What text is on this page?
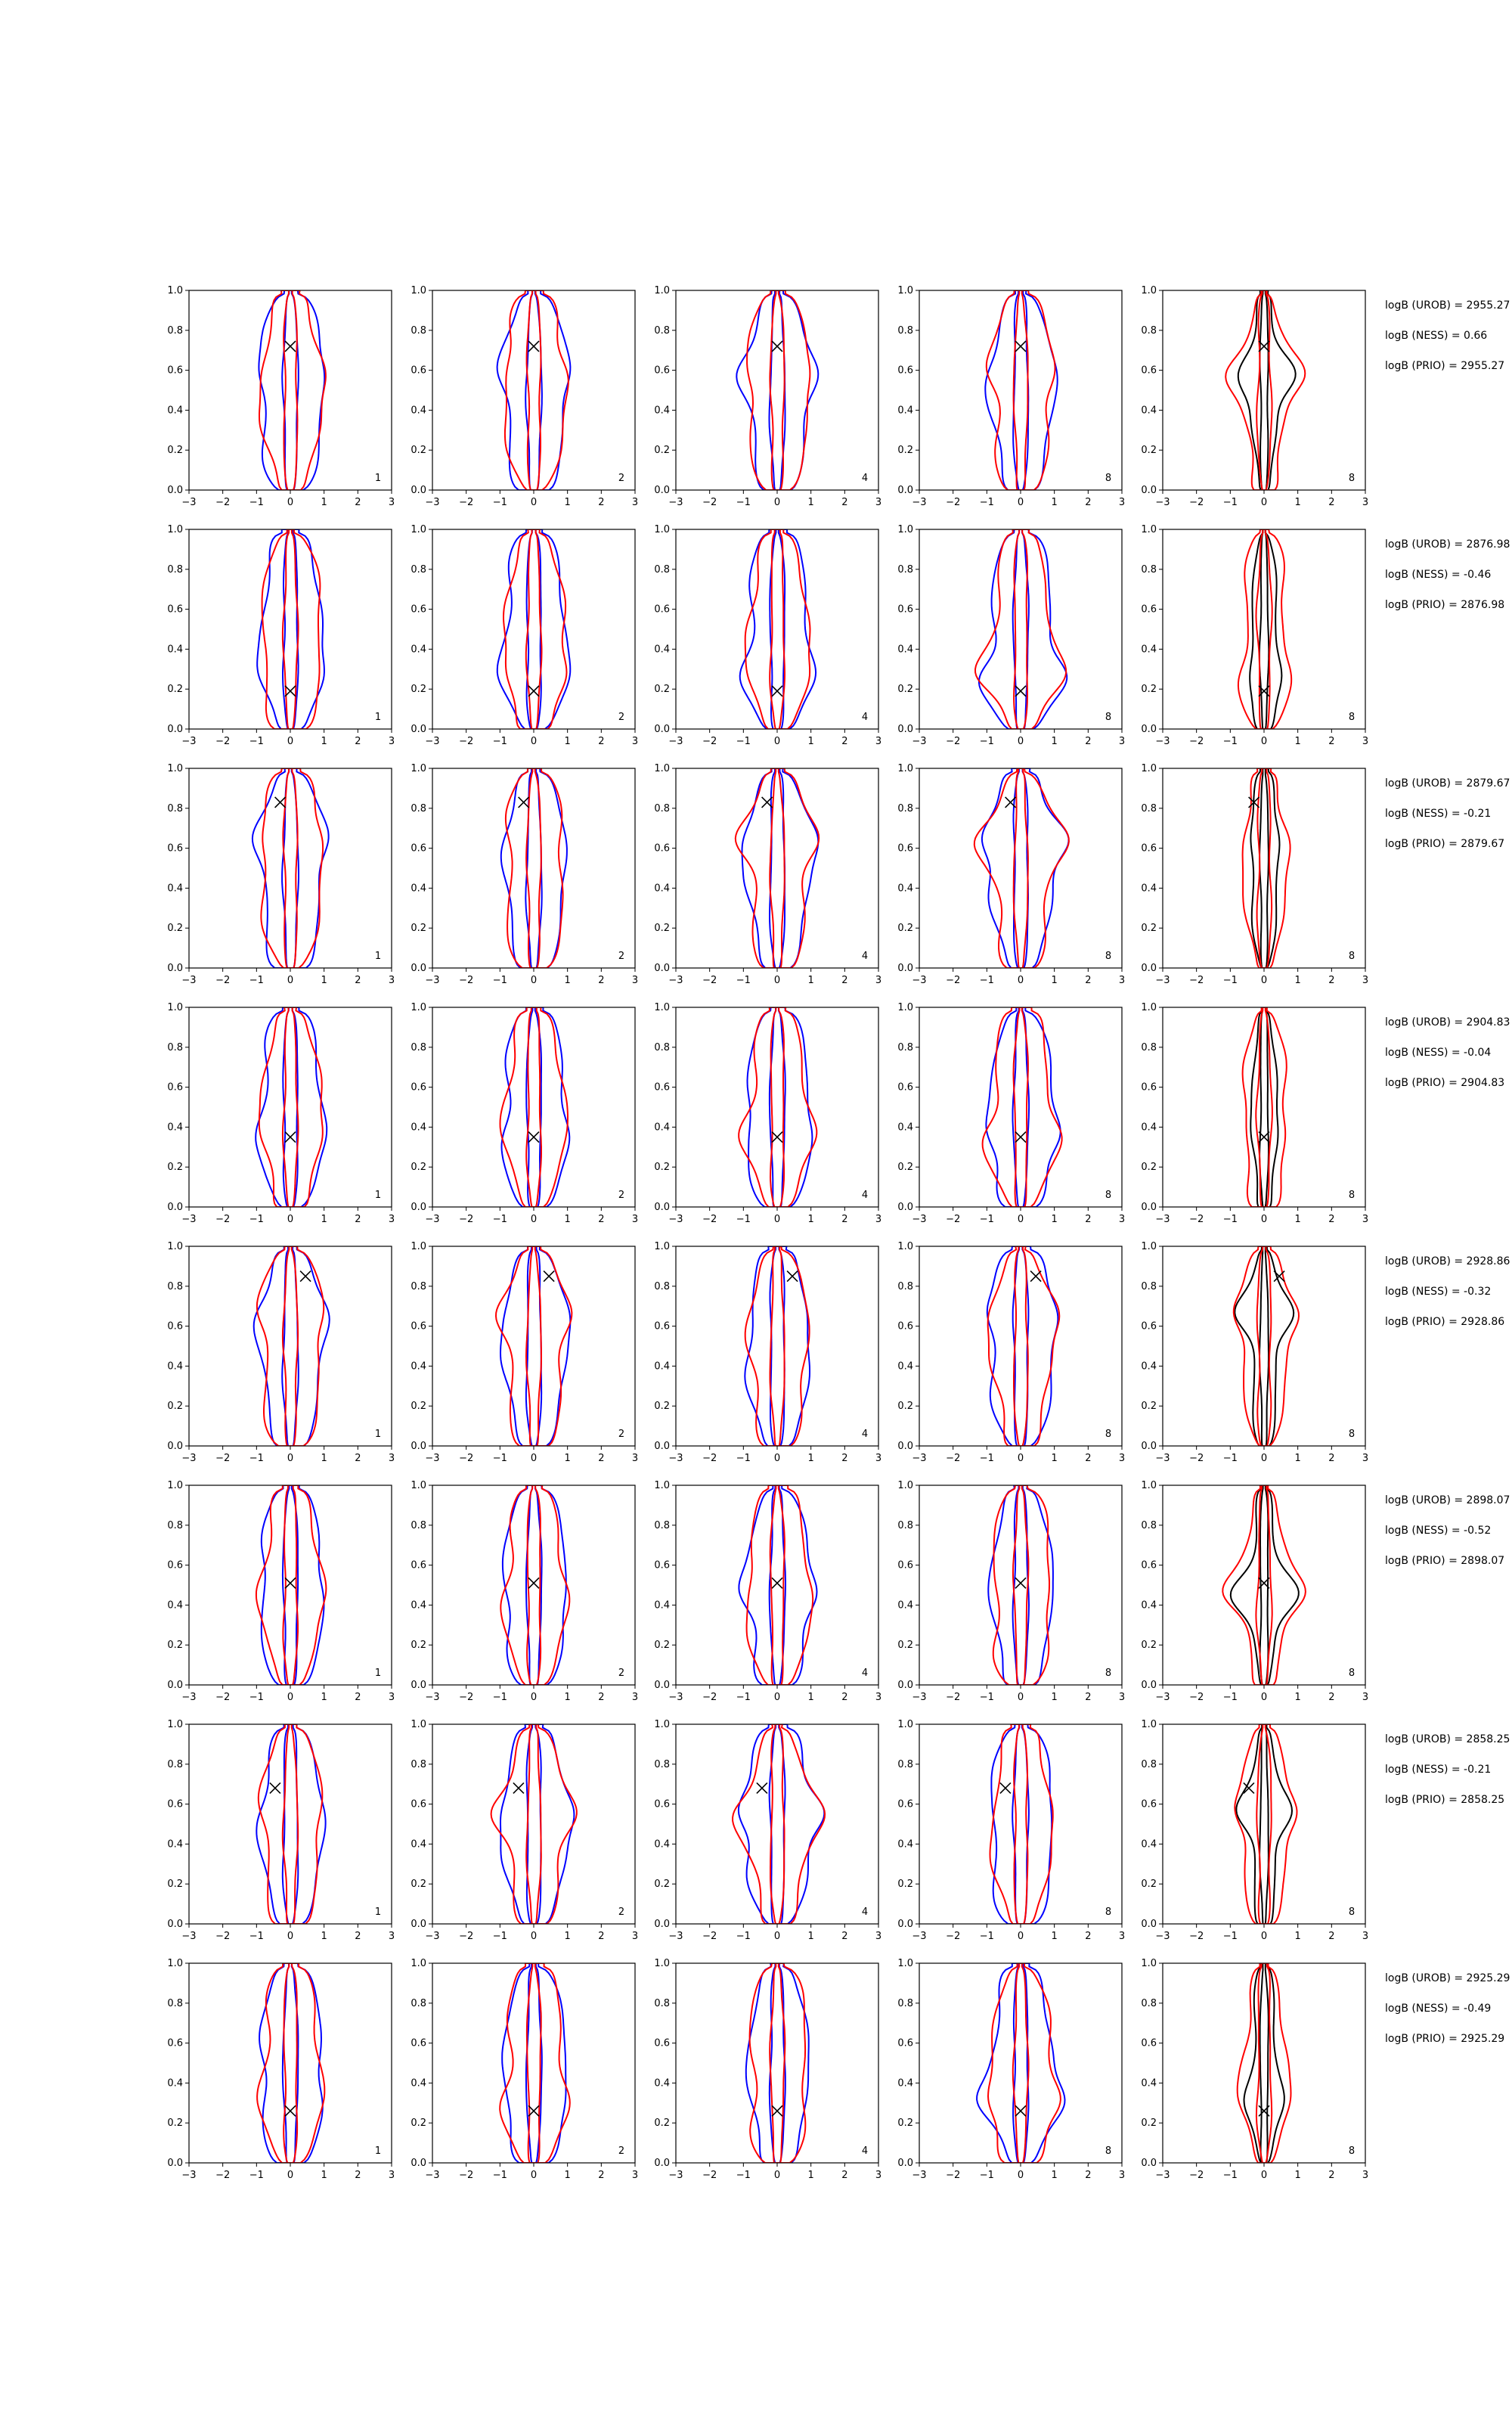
−3 −2 −1 0	1	2	3
0.0
0.2
0.4
0.6
0.8
1.0
1
−3 −2 −1 0	1	2	3
0.0
0.2
0.4
0.6
0.8
1.0
2
−3 −2 −1 0	1	2	3
0.0
0.2
0.4
0.6
0.8
1.0
4
−3 −2 −1 0	1	2	3
0.0
0.2
0.4
0.6
0.8
1.0
8
−3 −2 −1 0	1	2	3
0.0
0.2
0.4
0.6
0.8
1.0
8
logB (UROB) = 2955.27
logB (NESS) = 0.66
logB (PRIO) = 2955.27
−3 −2 −1 0	1	2	3
0.0
0.2
0.4
0.6
0.8
1.0
1
−3 −2 −1 0	1	2	3
0.0
0.2
0.4
0.6
0.8
1.0
2
−3 −2 −1 0	1	2	3
0.0
0.2
0.4
0.6
0.8
1.0
4
−3 −2 −1 0	1	2	3
0.0
0.2
0.4
0.6
0.8
1.0
8
−3 −2 −1 0	1	2	3
0.0
0.2
0.4
0.6
0.8
1.0
8
logB (UROB) = 2876.98
logB (NESS) = -0.46
logB (PRIO) = 2876.98
−3 −2 −1 0	1	2	3
0.0
0.2
0.4
0.6
0.8
1.0
1
−3 −2 −1 0	1	2	3
0.0
0.2
0.4
0.6
0.8
1.0
2
−3 −2 −1 0	1	2	3
0.0
0.2
0.4
0.6
0.8
1.0
4
−3 −2 −1 0	1	2	3
0.0
0.2
0.4
0.6
0.8
1.0
8
−3 −2 −1 0	1	2	3
0.0
0.2
0.4
0.6
0.8
1.0
8
logB (UROB) = 2879.67
logB (NESS) = -0.21
logB (PRIO) = 2879.67
−3 −2 −1 0	1	2	3
0.0
0.2
0.4
0.6
0.8
1.0
1
−3 −2 −1 0	1	2	3
0.0
0.2
0.4
0.6
0.8
1.0
2
−3 −2 −1 0	1	2	3
0.0
0.2
0.4
0.6
0.8
1.0
4
−3 −2 −1 0	1	2	3
0.0
0.2
0.4
0.6
0.8
1.0
8
−3 −2 −1 0	1	2	3
0.0
0.2
0.4
0.6
0.8
1.0
8
logB (UROB) = 2904.83
logB (NESS) = -0.04
logB (PRIO) = 2904.83
−3 −2 −1 0	1	2	3
0.0
0.2
0.4
0.6
0.8
1.0
1
−3 −2 −1 0	1	2	3
0.0
0.2
0.4
0.6
0.8
1.0
2
−3 −2 −1 0	1	2	3
0.0
0.2
0.4
0.6
0.8
1.0
4
−3 −2 −1 0	1	2	3
0.0
0.2
0.4
0.6
0.8
1.0
8
−3 −2 −1 0	1	2	3
0.0
0.2
0.4
0.6
0.8
1.0
8
logB (UROB) = 2928.86
logB (NESS) = -0.32
logB (PRIO) = 2928.86
−3 −2 −1 0	1	2	3
0.0
0.2
0.4
0.6
0.8
1.0
1
−3 −2 −1 0	1	2	3
0.0
0.2
0.4
0.6
0.8
1.0
2
−3 −2 −1 0	1	2	3
0.0
0.2
0.4
0.6
0.8
1.0
4
−3 −2 −1 0	1	2	3
0.0
0.2
0.4
0.6
0.8
1.0
8
−3 −2 −1 0	1	2	3
0.0
0.2
0.4
0.6
0.8
1.0
8
logB (UROB) = 2898.07
logB (NESS) = -0.52
logB (PRIO) = 2898.07
−3 −2 −1 0	1	2	3
0.0
0.2
0.4
0.6
0.8
1.0
1
−3 −2 −1 0	1	2	3
0.0
0.2
0.4
0.6
0.8
1.0
2
−3 −2 −1 0	1	2	3
0.0
0.2
0.4
0.6
0.8
1.0
4
−3 −2 −1 0	1	2	3
0.0
0.2
0.4
0.6
0.8
1.0
8
−3 −2 −1 0	1	2	3
0.0
0.2
0.4
0.6
0.8
1.0
8
logB (UROB) = 2858.25
logB (NESS) = -0.21
logB (PRIO) = 2858.25
−3 −2 −1 0	1	2	3
0.0
0.2
0.4
0.6
0.8
1.0
1
−3 −2 −1 0	1	2	3
0.0
0.2
0.4
0.6
0.8
1.0
2
−3 −2 −1 0	1	2	3
0.0
0.2
0.4
0.6
0.8
1.0
4
−3 −2 −1 0	1	2	3
0.0
0.2
0.4
0.6
0.8
1.0
8
−3 −2 −1 0	1	2	3
0.0
0.2
0.4
0.6
0.8
1.0
8
logB (UROB) = 2925.29
logB (NESS) = -0.49
logB (PRIO) = 2925.29
